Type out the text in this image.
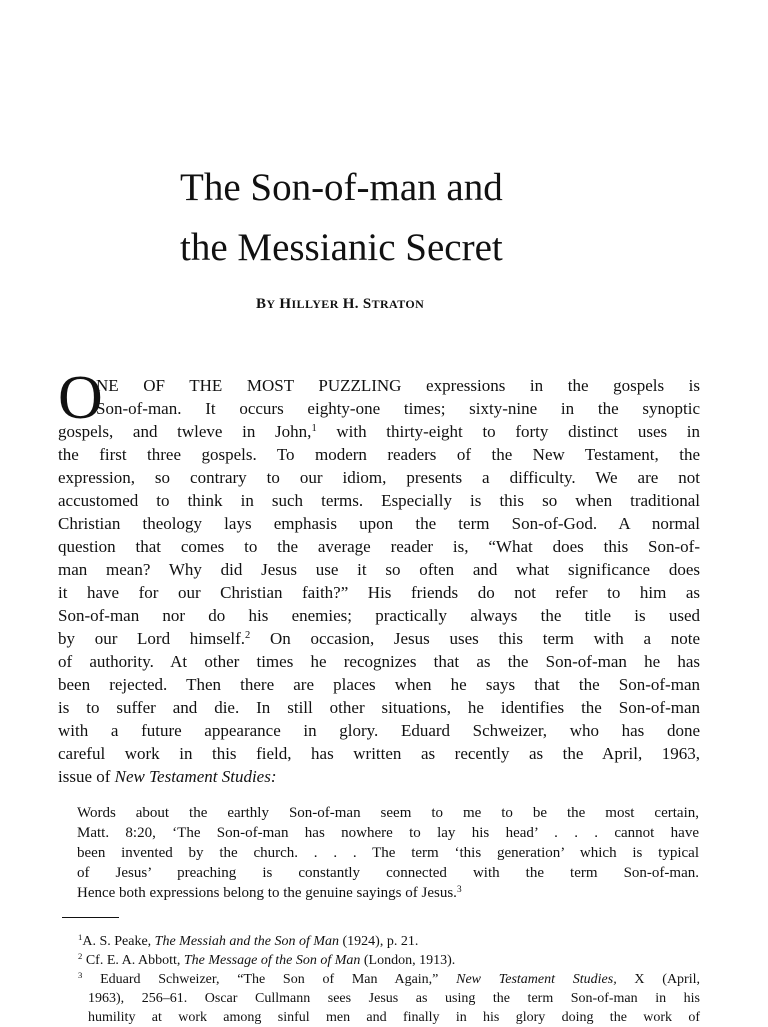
The Son-of-man and
the Messianic Secret
BY HILLYER H. STRATON
O
NE OF THE MOST PUZZLING expressions in the gospels is
Son-of-man. It occurs eighty-one times; sixty-nine in the synoptic
gospels, and twleve in John,$^1$ with thirty-eight to forty distinct uses in
the first three gospels. To modern readers of the New Testament, the
expression, so contrary to our idiom, presents a difficulty. We are not
accustomed to think in such terms. Especially is this so when traditional
Christian theology lays emphasis upon the term Son-of-God. A normal
question that comes to the average reader is, “What does this Son-of-
man mean? Why did Jesus use it so often and what significance does
it have for our Christian faith?” His friends do not refer to him as
Son-of-man nor do his enemies; practically always the title is used
by our Lord himself.$^2$ On occasion, Jesus uses this term with a note
of authority. At other times he recognizes that as the Son-of-man he has
been rejected. Then there are places when he says that the Son-of-man
is to suffer and die. In still other situations, he identifies the Son-of-man
with a future appearance in glory. Eduard Schweizer, who has done
careful work in this field, has written as recently as the April, 1963,
issue of New Testament Studies:
Words about the earthly Son-of-man seem to me to be the most certain,
Matt. 8:20, ‘The Son-of-man has nowhere to lay his head’ . . . cannot have
been invented by the church. . . . The term ‘this generation’ which is typical
of Jesus’ preaching is constantly connected with the term Son-of-man.
Hence both expressions belong to the genuine sayings of Jesus.$^3$
$^1$A. S. Peake, The Messiah and the Son of Man (1924), p. 21.
$^2$ Cf. E. A. Abbott, The Message of the Son of Man (London, 1913).
$^3$ Eduard Schweizer, “The Son of Man Again,” New Testament Studies, X (April,
1963), 256–61. Oscar Cullmann sees Jesus as using the term Son-of-man in his
humility at work among sinful men and finally in his glory doing the work of
